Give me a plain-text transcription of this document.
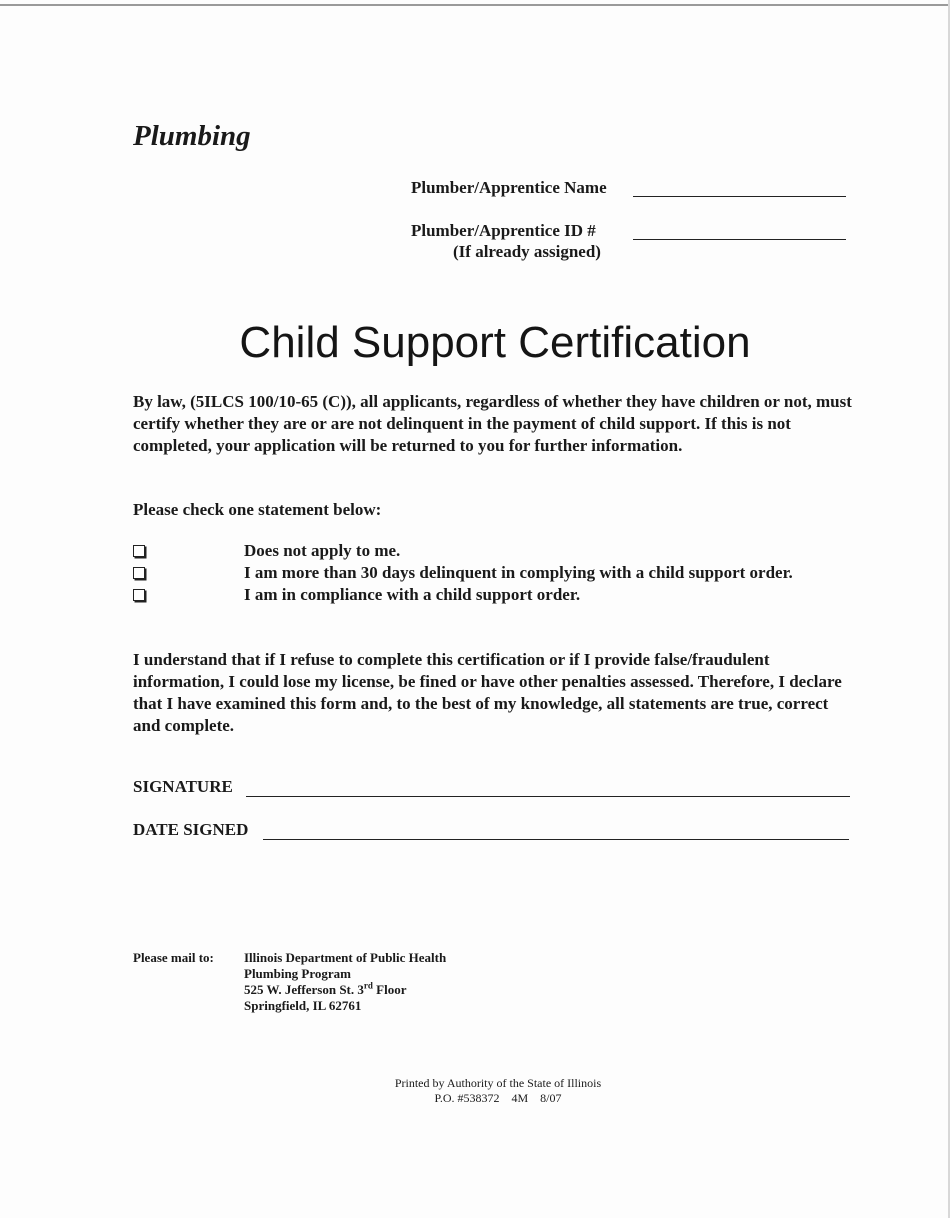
Plumbing
Plumber/Apprentice Name
Plumber/Apprentice ID #
(If already assigned)
Child Support Certification
By law, (5ILCS 100/10-65 (C)), all applicants, regardless of whether they have children or not, must certify whether they are or are not delinquent in the payment of child support. If this is not completed, your application will be returned to you for further information.
Please check one statement below:
Does not apply to me.
I am more than 30 days delinquent in complying with a child support order.
I am in compliance with a child support order.
I understand that if I refuse to complete this certification or if I provide false/fraudulent information, I could lose my license, be fined or have other penalties assessed. Therefore, I declare that I have examined this form and, to the best of my knowledge, all statements are true, correct and complete.
SIGNATURE
DATE SIGNED
Please mail to: Illinois Department of Public Health
Plumbing Program
525 W. Jefferson St. 3rd Floor
Springfield, IL 62761
Printed by Authority of the State of Illinois
P.O. #538372    4M    8/07
